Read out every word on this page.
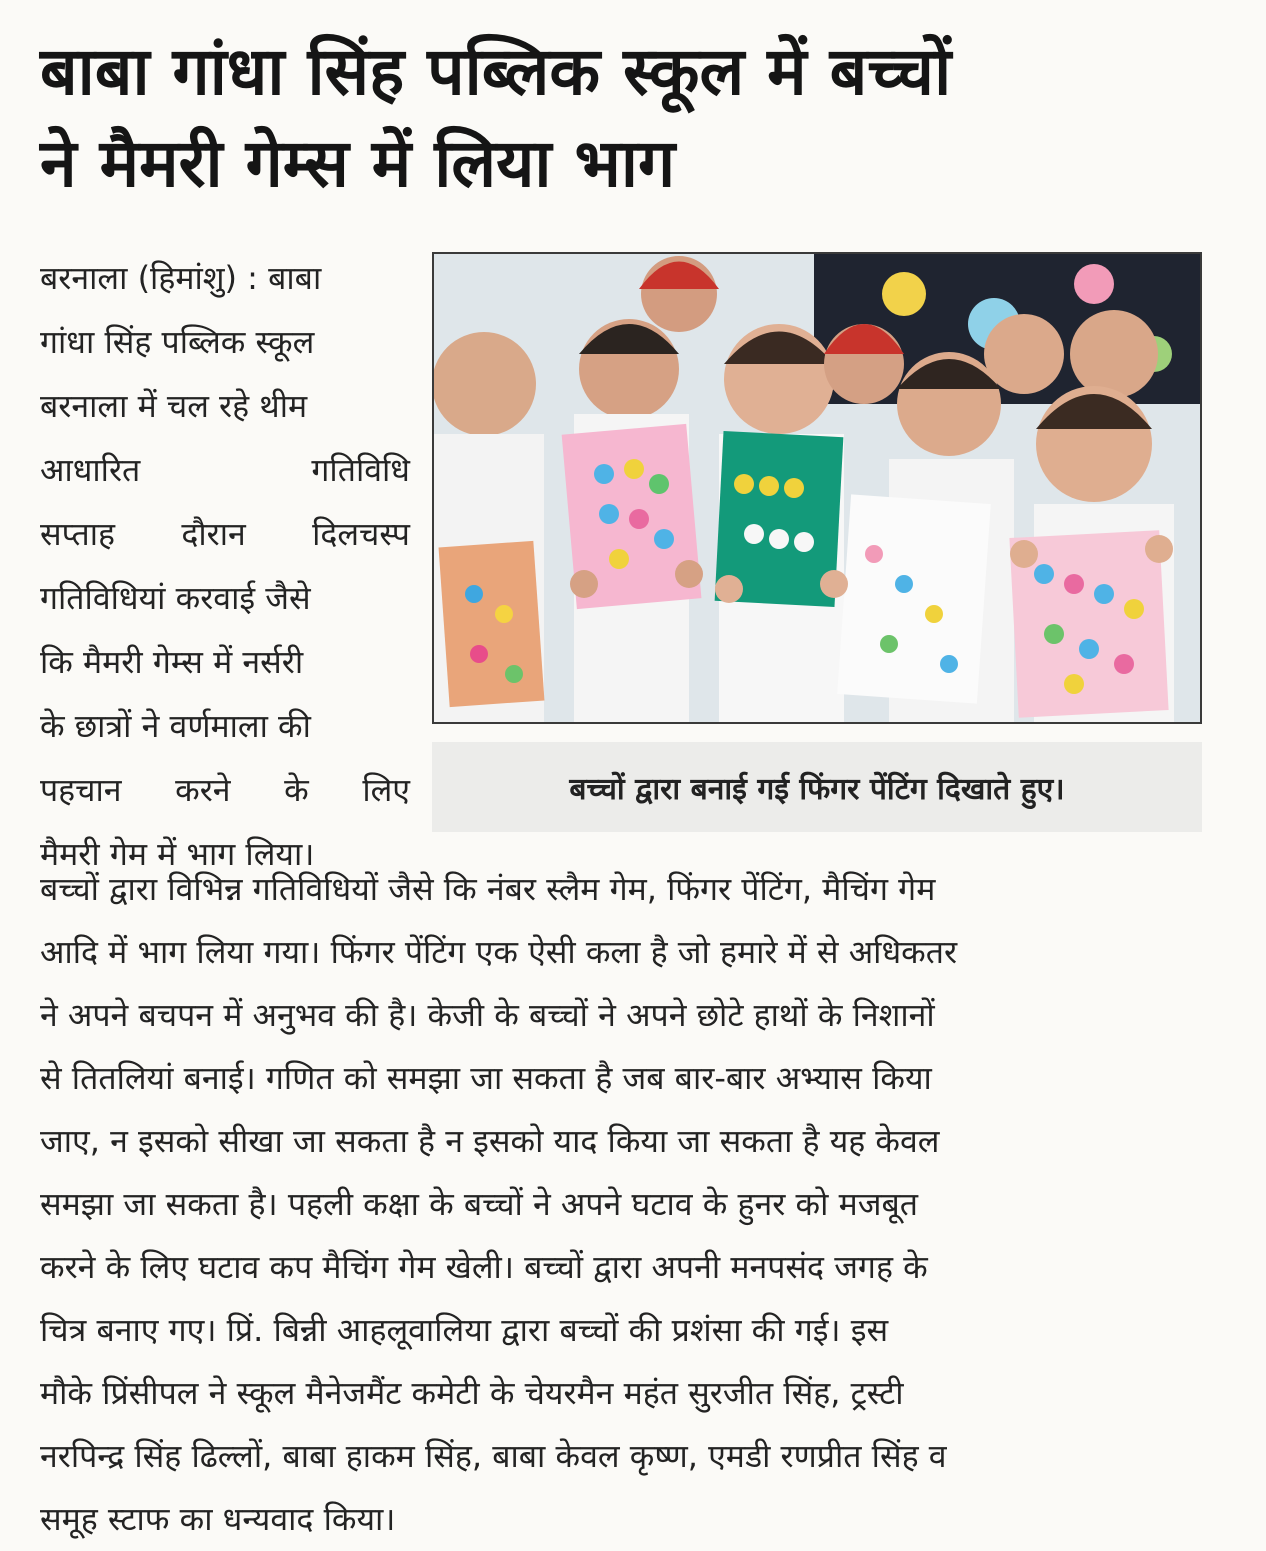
बाबा गांधा सिंह पब्लिक स्कूल में बच्चों
ने मैमरी गेम्स में लिया भाग
बरनाला (हिमांशु) : बाबा
गांधा सिंह पब्लिक स्कूल
बरनाला में चल रहे थीम
आधारित गतिविधि
सप्ताह दौरान दिलचस्प
गतिविधियां करवाई जैसे
कि मैमरी गेम्स में नर्सरी
के छात्रों ने वर्णमाला की
पहचान करने के लिए
मैमरी गेम में भाग लिया।
बच्चों द्वारा बनाई गई फिंगर पेंटिंग दिखाते हुए।
बच्चों द्वारा विभिन्न गतिविधियों जैसे कि नंबर स्लैम गेम, फिंगर पेंटिंग, मैचिंग गेम
आदि में भाग लिया गया। फिंगर पेंटिंग एक ऐसी कला है जो हमारे में से अधिकतर
ने अपने बचपन में अनुभव की है। केजी के बच्चों ने अपने छोटे हाथों के निशानों
से तितलियां बनाई। गणित को समझा जा सकता है जब बार-बार अभ्यास किया
जाए, न इसको सीखा जा सकता है न इसको याद किया जा सकता है यह केवल
समझा जा सकता है। पहली कक्षा के बच्चों ने अपने घटाव के हुनर को मजबूत
करने के लिए घटाव कप मैचिंग गेम खेली। बच्चों द्वारा अपनी मनपसंद जगह के
चित्र बनाए गए। प्रिं. बिन्नी आहलूवालिया द्वारा बच्चों की प्रशंसा की गई। इस
मौके प्रिंसीपल ने स्कूल मैनेजमैंट कमेटी के चेयरमैन महंत सुरजीत सिंह, ट्रस्टी
नरपिन्द्र सिंह ढिल्लों, बाबा हाकम सिंह, बाबा केवल कृष्ण, एमडी रणप्रीत सिंह व
समूह स्टाफ का धन्यवाद किया।
